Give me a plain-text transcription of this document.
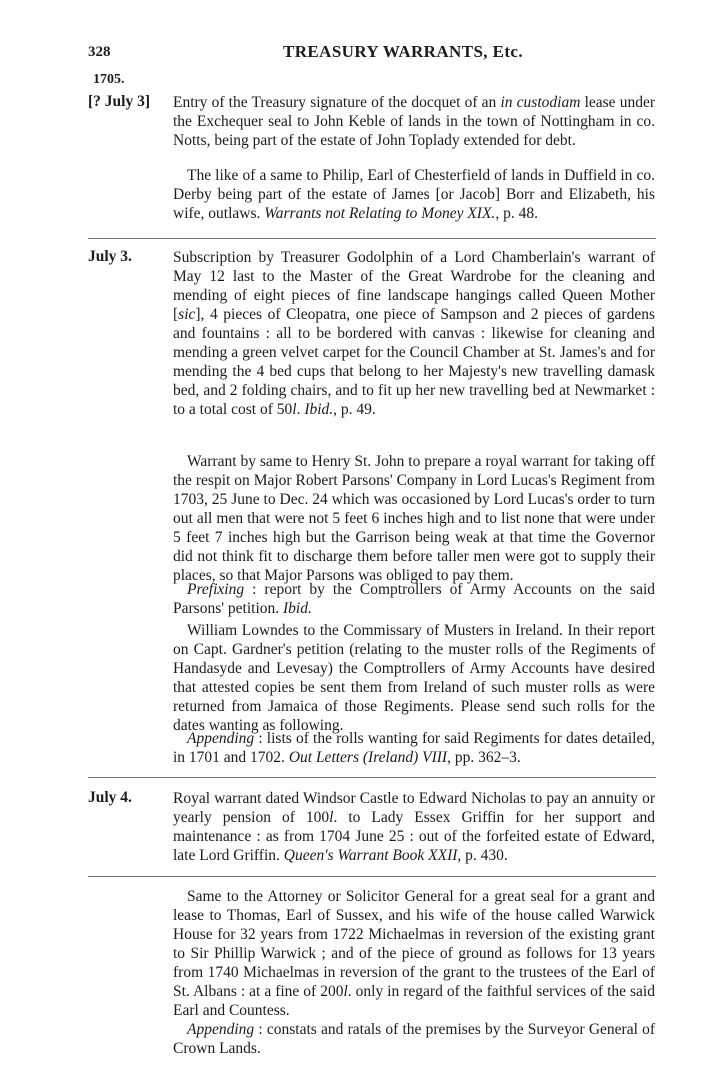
328	TREASURY WARRANTS, Etc.
1705.
[? July 3] Entry of the Treasury signature of the docquet of an in custodiam lease under the Exchequer seal to John Keble of lands in the town of Nottingham in co. Notts, being part of the estate of John Toplady extended for debt.
The like of a same to Philip, Earl of Chesterfield of lands in Duffield in co. Derby being part of the estate of James [or Jacob] Borr and Elizabeth, his wife, outlaws. Warrants not Relating to Money XIX., p. 48.
July 3.	Subscription by Treasurer Godolphin of a Lord Chamberlain's warrant of May 12 last to the Master of the Great Wardrobe for the cleaning and mending of eight pieces of fine landscape hangings called Queen Mother [sic], 4 pieces of Cleopatra, one piece of Sampson and 2 pieces of gardens and fountains : all to be bordered with canvas : likewise for cleaning and mending a green velvet carpet for the Council Chamber at St. James's and for mending the 4 bed cups that belong to her Majesty's new travelling damask bed, and 2 folding chairs, and to fit up her new travelling bed at Newmarket : to a total cost of 50l. Ibid., p. 49.
Warrant by same to Henry St. John to prepare a royal warrant for taking off the respit on Major Robert Parsons' Company in Lord Lucas's Regiment from 1703, 25 June to Dec. 24 which was occasioned by Lord Lucas's order to turn out all men that were not 5 feet 6 inches high and to list none that were under 5 feet 7 inches high but the Garrison being weak at that time the Governor did not think fit to discharge them before taller men were got to supply their places, so that Major Parsons was obliged to pay them.
Prefixing : report by the Comptrollers of Army Accounts on the said Parsons' petition. Ibid.
William Lowndes to the Commissary of Musters in Ireland. In their report on Capt. Gardner's petition (relating to the muster rolls of the Regiments of Handasyde and Levesay) the Comptrollers of Army Accounts have desired that attested copies be sent them from Ireland of such muster rolls as were returned from Jamaica of those Regiments. Please send such rolls for the dates wanting as following.
Appending : lists of the rolls wanting for said Regiments for dates detailed, in 1701 and 1702. Out Letters (Ireland) VIII, pp. 362–3.
July 4.	Royal warrant dated Windsor Castle to Edward Nicholas to pay an annuity or yearly pension of 100l. to Lady Essex Griffin for her support and maintenance : as from 1704 June 25 : out of the forfeited estate of Edward, late Lord Griffin. Queen's Warrant Book XXII, p. 430.
Same to the Attorney or Solicitor General for a great seal for a grant and lease to Thomas, Earl of Sussex, and his wife of the house called Warwick House for 32 years from 1722 Michaelmas in reversion of the existing grant to Sir Phillip Warwick ; and of the piece of ground as follows for 13 years from 1740 Michaelmas in reversion of the grant to the trustees of the Earl of St. Albans : at a fine of 200l. only in regard of the faithful services of the said Earl and Countess.
Appending : constats and ratals of the premises by the Surveyor General of Crown Lands.
